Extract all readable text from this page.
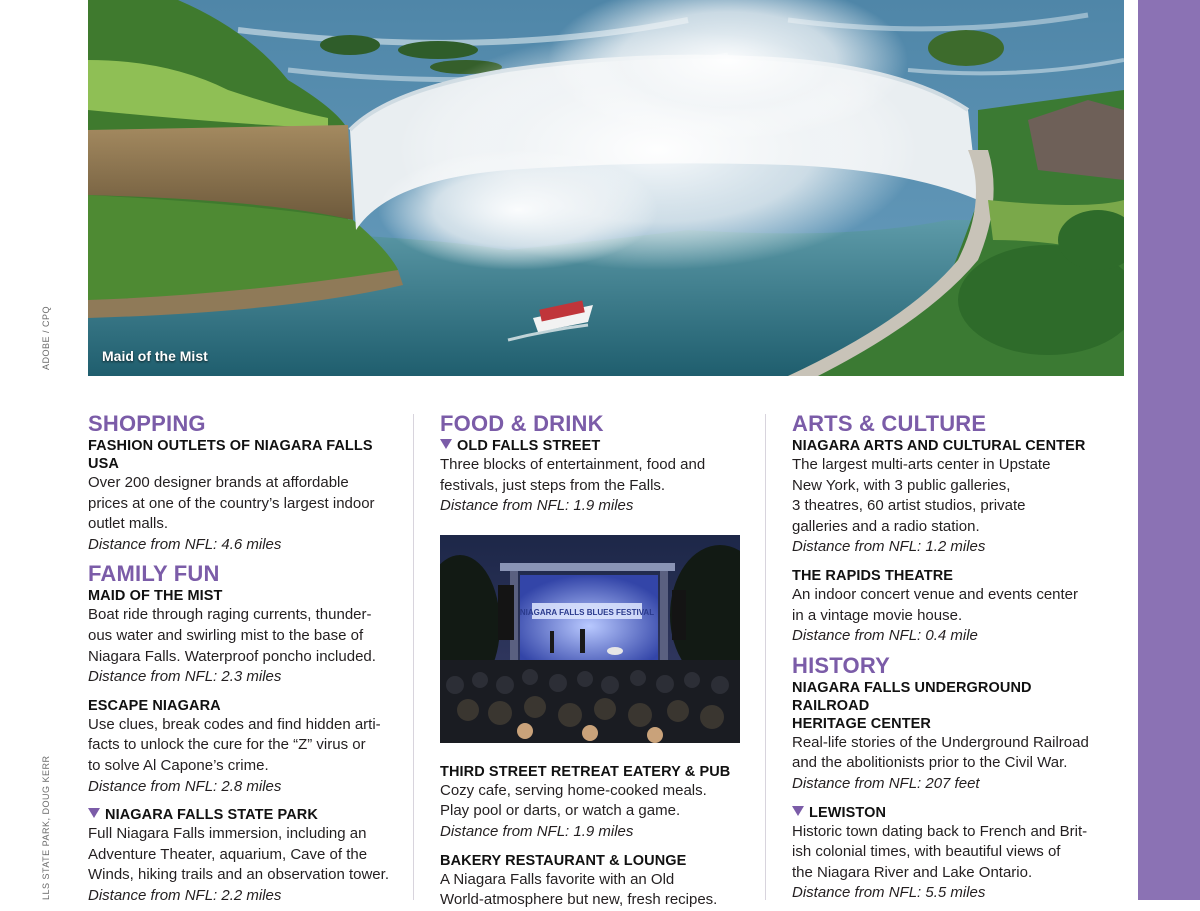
ADOBE / CPQ
LLS STATE PARK, DOUG KERR
Maid of the Mist
SHOPPING
FASHION OUTLETS OF NIAGARA FALLS USA

Over 200 designer brands at affordable

prices at one of the country’s largest indoor

outlet malls.

Distance from NFL: 4.6 miles

FAMILY FUN
MAID OF THE MIST

Boat ride through raging currents, thunder-

ous water and swirling mist to the base of

Niagara Falls. Waterproof poncho included.

Distance from NFL: 2.3 miles

ESCAPE NIAGARA

Use clues, break codes and find hidden arti-

facts to unlock the cure for the “Z” virus or

to solve Al Capone’s crime.

Distance from NFL: 2.8 miles

NIAGARA FALLS STATE PARK

Full Niagara Falls immersion, including an

Adventure Theater, aquarium, Cave of the

Winds, hiking trails and an observation tower.

Distance from NFL: 2.2 miles

FOOD & DRINK
OLD FALLS STREET

Three blocks of entertainment, food and

festivals, just steps from the Falls.

Distance from NFL: 1.9 miles

NIAGARA FALLS BLUES FESTIVAL
THIRD STREET RETREAT EATERY & PUB

Cozy cafe, serving home-cooked meals.

Play pool or darts, or watch a game.

Distance from NFL: 1.9 miles

BAKERY RESTAURANT & LOUNGE

A Niagara Falls favorite with an Old

World-atmosphere but new, fresh recipes.

ARTS & CULTURE
NIAGARA ARTS AND CULTURAL CENTER

The largest multi-arts center in Upstate

New York, with 3 public galleries,

3 theatres, 60 artist studios, private

galleries and a radio station.

Distance from NFL: 1.2 miles

THE RAPIDS THEATRE

An indoor concert venue and events center

in a vintage movie house.

Distance from NFL: 0.4 mile

HISTORY
NIAGARA FALLS UNDERGROUND RAILROAD
HERITAGE CENTER

Real-life stories of the Underground Railroad

and the abolitionists prior to the Civil War.

Distance from NFL: 207 feet

LEWISTON

Historic town dating back to French and Brit-

ish colonial times, with beautiful views of

the Niagara River and Lake Ontario.

Distance from NFL: 5.5 miles
